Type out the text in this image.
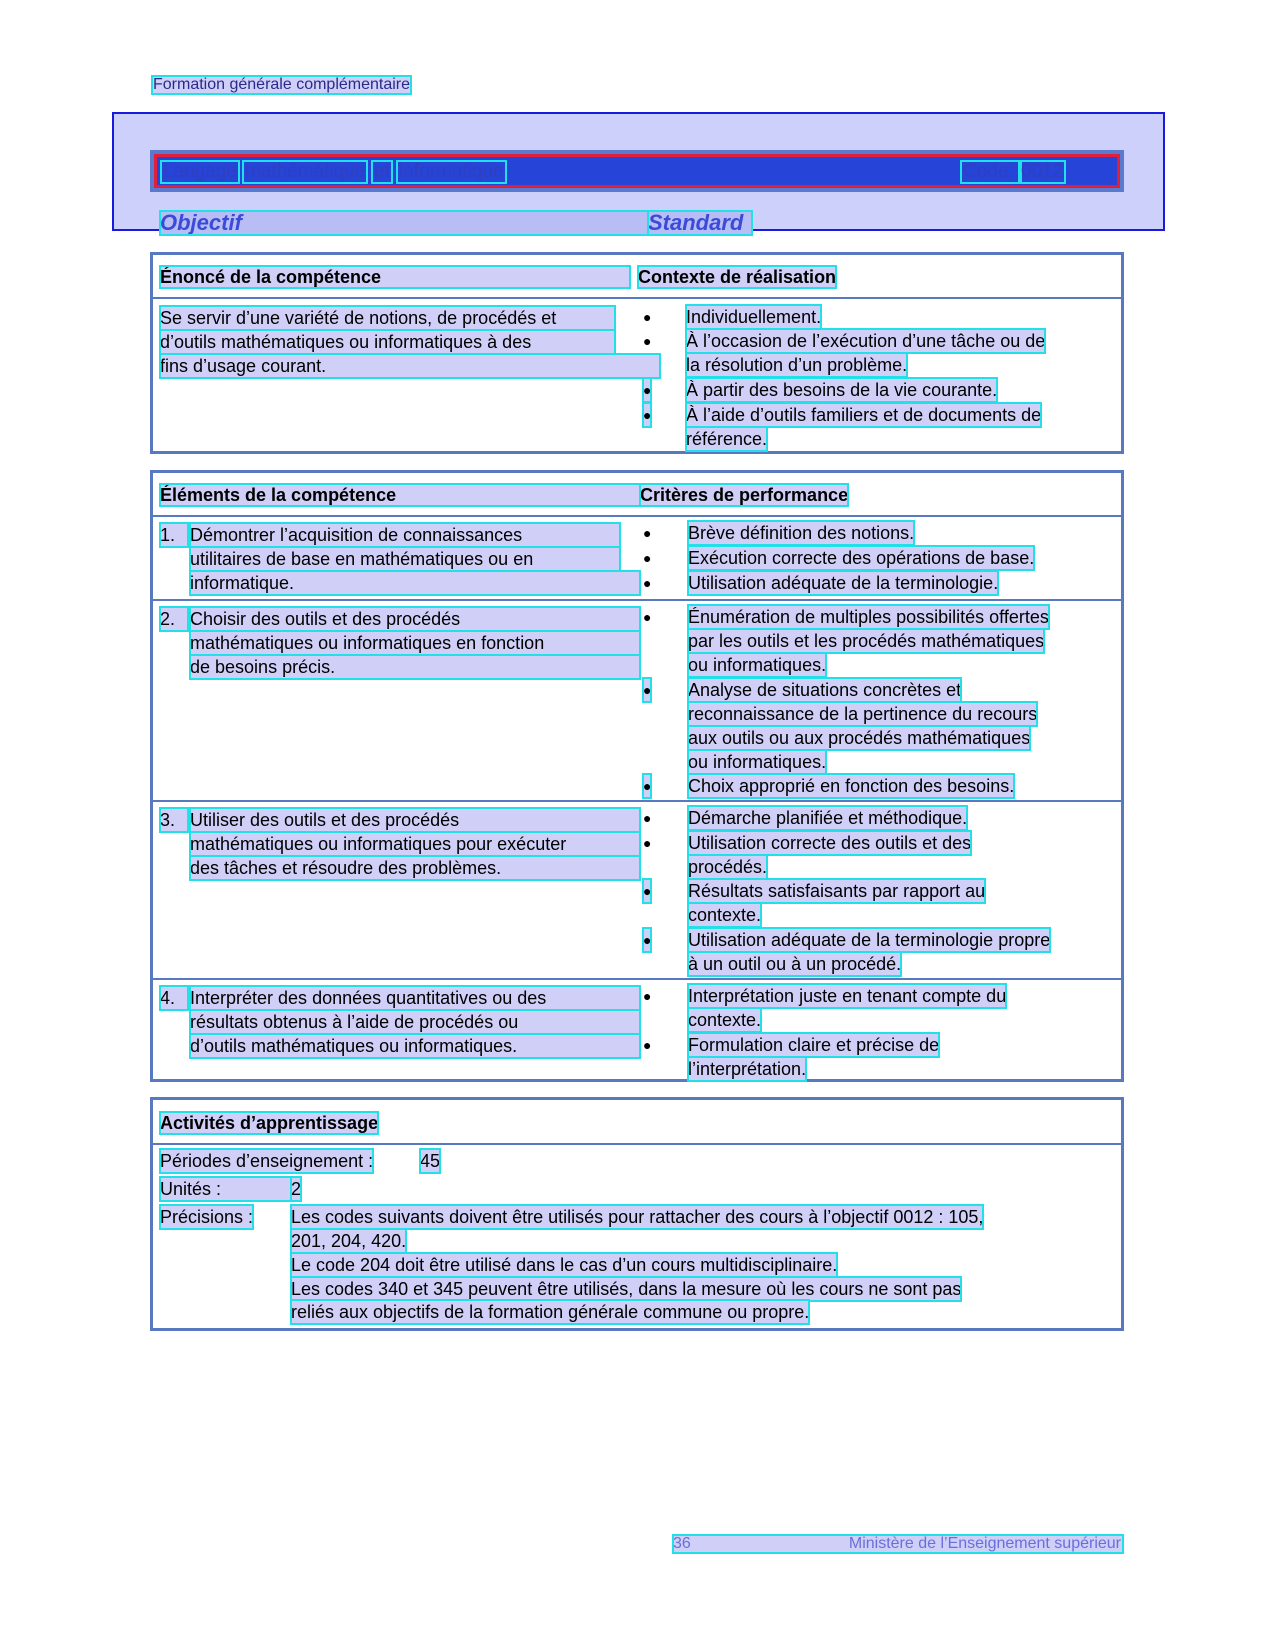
Formation générale complémentaire
Langage mathématique et informatique	Code : 0012
Objectif	Standard
Énoncé de la compétence	Contexte de réalisation
Se servir d’une variété de notions, de procédés et
d’outils mathématiques ou informatiques à des
fins d’usage courant.
● Individuellement.
● À l’occasion de l’exécution d’une tâche ou de
la résolution d’un problème.
● À partir des besoins de la vie courante.
● À l’aide d’outils familiers et de documents de
référence.
Éléments de la compétence	Critères de performance
1. Démontrer l’acquisition de connaissances
utilitaires de base en mathématiques ou en
informatique.
● Brève définition des notions.
● Exécution correcte des opérations de base.
● Utilisation adéquate de la terminologie.
2. Choisir des outils et des procédés
mathématiques ou informatiques en fonction
de besoins précis.
● Énumération de multiples possibilités offertes
par les outils et les procédés mathématiques
ou informatiques.
● Analyse de situations concrètes et
reconnaissance de la pertinence du recours
aux outils ou aux procédés mathématiques
ou informatiques.
● Choix approprié en fonction des besoins.
3. Utiliser des outils et des procédés
mathématiques ou informatiques pour exécuter
des tâches et résoudre des problèmes.
● Démarche planifiée et méthodique.
● Utilisation correcte des outils et des
procédés.
● Résultats satisfaisants par rapport au
contexte.
● Utilisation adéquate de la terminologie propre
à un outil ou à un procédé.
4. Interpréter des données quantitatives ou des
résultats obtenus à l’aide de procédés ou
d’outils mathématiques ou informatiques.
● Interprétation juste en tenant compte du
contexte.
● Formulation claire et précise de
l’interprétation.
Activités d’apprentissage
Périodes d’enseignement :	45
Unités :	2
Précisions : Les codes suivants doivent être utilisés pour rattacher des cours à l’objectif 0012 : 105,
201, 204, 420.
Le code 204 doit être utilisé dans le cas d’un cours multidisciplinaire.
Les codes 340 et 345 peuvent être utilisés, dans la mesure où les cours ne sont pas
reliés aux objectifs de la formation générale commune ou propre.
36	Ministère de l’Enseignement supérieur
